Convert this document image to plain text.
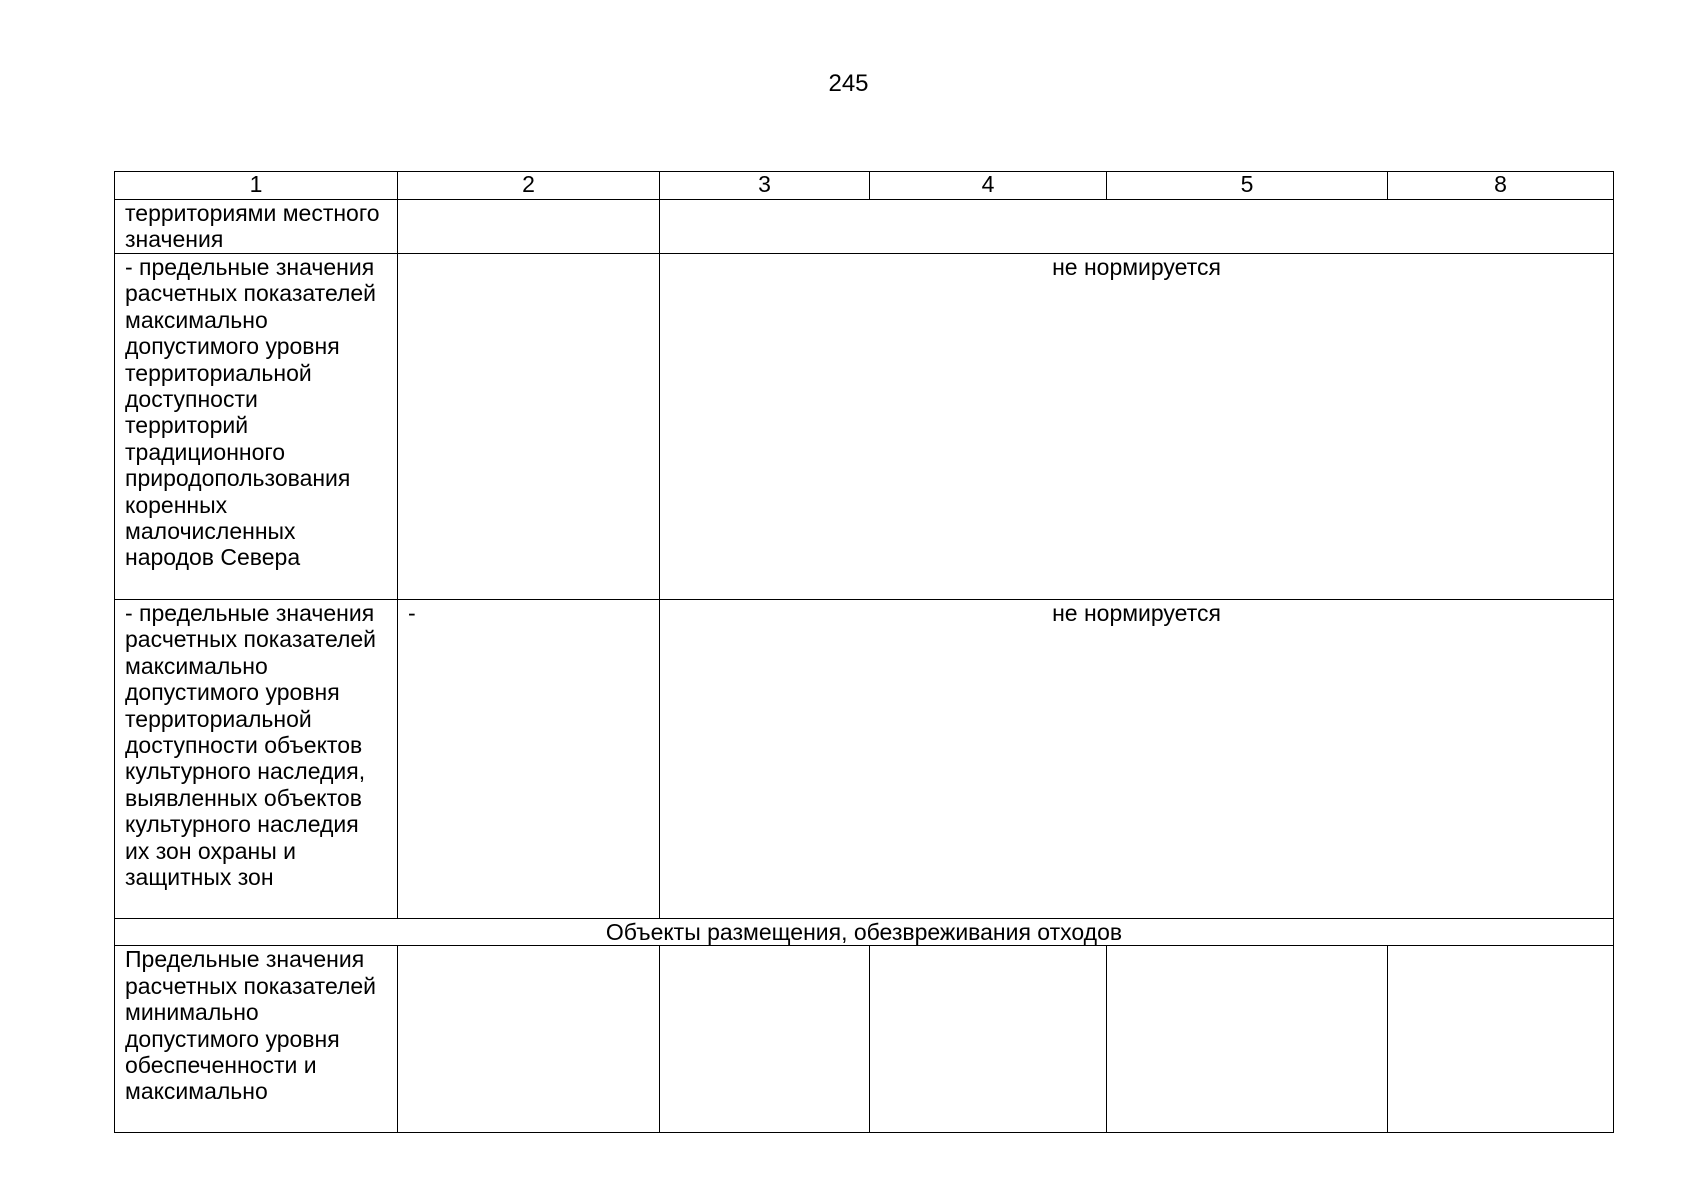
245
1	2	3	4	5	8
территориями местного значения					
- предельные значения расчетных показателей максимально допустимого уровня территориальной доступности территорий традиционного природопользования коренных малочисленных народов Севера		не нормируется			
- предельные значения расчетных показателей максимально допустимого уровня территориальной доступности объектов культурного наследия, выявленных объектов культурного наследия их зон охраны и защитных зон	-	не нормируется			
Объекты размещения, обезвреживания отходов					
Предельные значения расчетных показателей минимально допустимого уровня обеспеченности и максимально					
